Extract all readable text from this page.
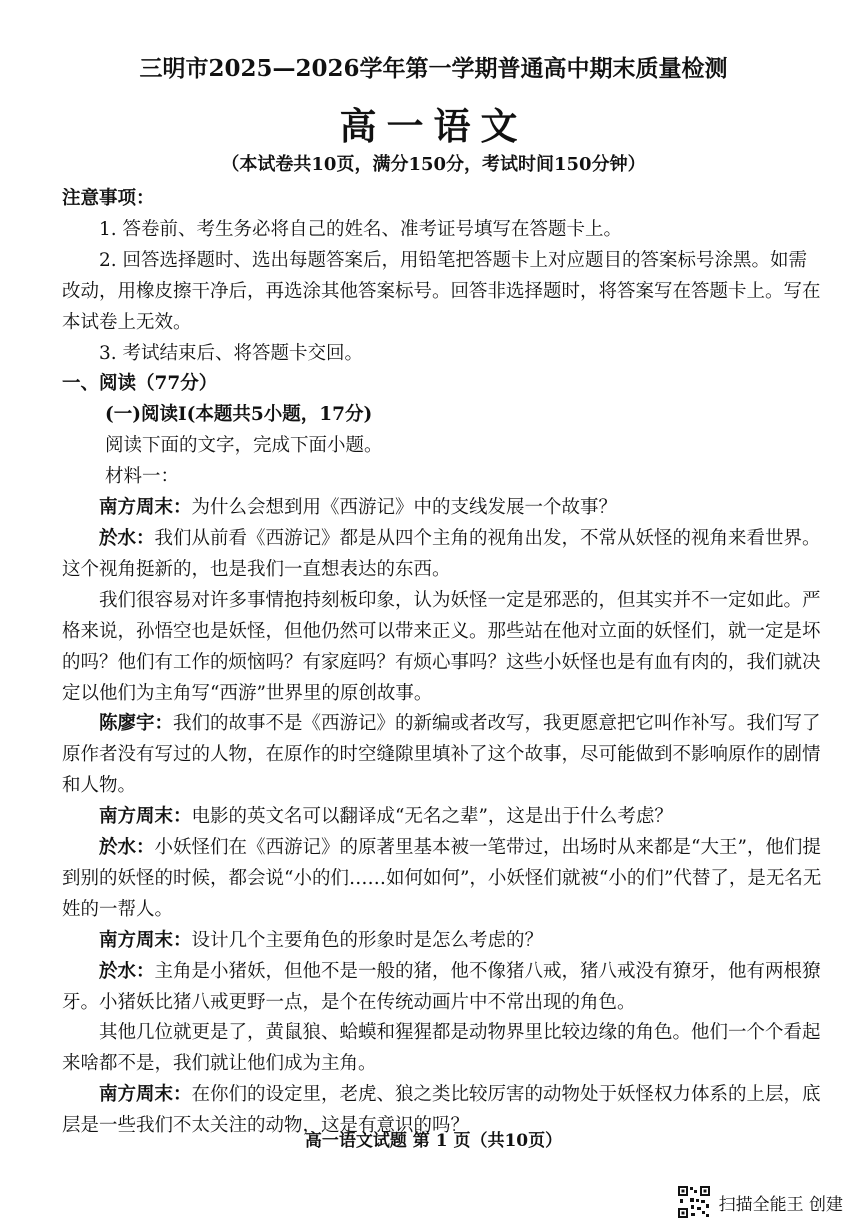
三明市2025—2026学年第一学期普通高中期末质量检测
高一语文
（本试卷共10页，满分150分，考试时间150分钟）

注意事项：

1. 答卷前、考生务必将自己的姓名、准考证号填写在答题卡上。

2. 回答选择题时、选出每题答案后，用铅笔把答题卡上对应题目的答案标号涂黑。如需改动，用橡皮擦干净后，再选涂其他答案标号。回答非选择题时，将答案写在答题卡上。写在本试卷上无效。

3. 考试结束后、将答题卡交回。

一、阅读（77分）

(一)阅读Ⅰ(本题共5小题，17分)

阅读下面的文字，完成下面小题。

材料一：

南方周末：为什么会想到用《西游记》中的支线发展一个故事？

於水：我们从前看《西游记》都是从四个主角的视角出发，不常从妖怪的视角来看世界。这个视角挺新的，也是我们一直想表达的东西。

我们很容易对许多事情抱持刻板印象，认为妖怪一定是邪恶的，但其实并不一定如此。严格来说，孙悟空也是妖怪，但他仍然可以带来正义。那些站在他对立面的妖怪们，就一定是坏的吗？他们有工作的烦恼吗？有家庭吗？有烦心事吗？这些小妖怪也是有血有肉的，我们就决定以他们为主角写“西游”世界里的原创故事。

陈廖宇：我们的故事不是《西游记》的新编或者改写，我更愿意把它叫作补写。我们写了原作者没有写过的人物，在原作的时空缝隙里填补了这个故事，尽可能做到不影响原作的剧情和人物。

南方周末：电影的英文名可以翻译成“无名之辈”，这是出于什么考虑？

於水：小妖怪们在《西游记》的原著里基本被一笔带过，出场时从来都是“大王”，他们提到别的妖怪的时候，都会说“小的们……如何如何”，小妖怪们就被“小的们”代替了，是无名无姓的一帮人。

南方周末：设计几个主要角色的形象时是怎么考虑的？

於水：主角是小猪妖，但他不是一般的猪，他不像猪八戒，猪八戒没有獠牙，他有两根獠牙。小猪妖比猪八戒更野一点，是个在传统动画片中不常出现的角色。

其他几位就更是了，黄鼠狼、蛤蟆和猩猩都是动物界里比较边缘的角色。他们一个个看起来啥都不是，我们就让他们成为主角。

南方周末：在你们的设定里，老虎、狼之类比较厉害的动物处于妖怪权力体系的上层，底层是一些我们不太关注的动物，这是有意识的吗？

高一语文试题 第 1 页（共10页）
扫描全能王 创建
